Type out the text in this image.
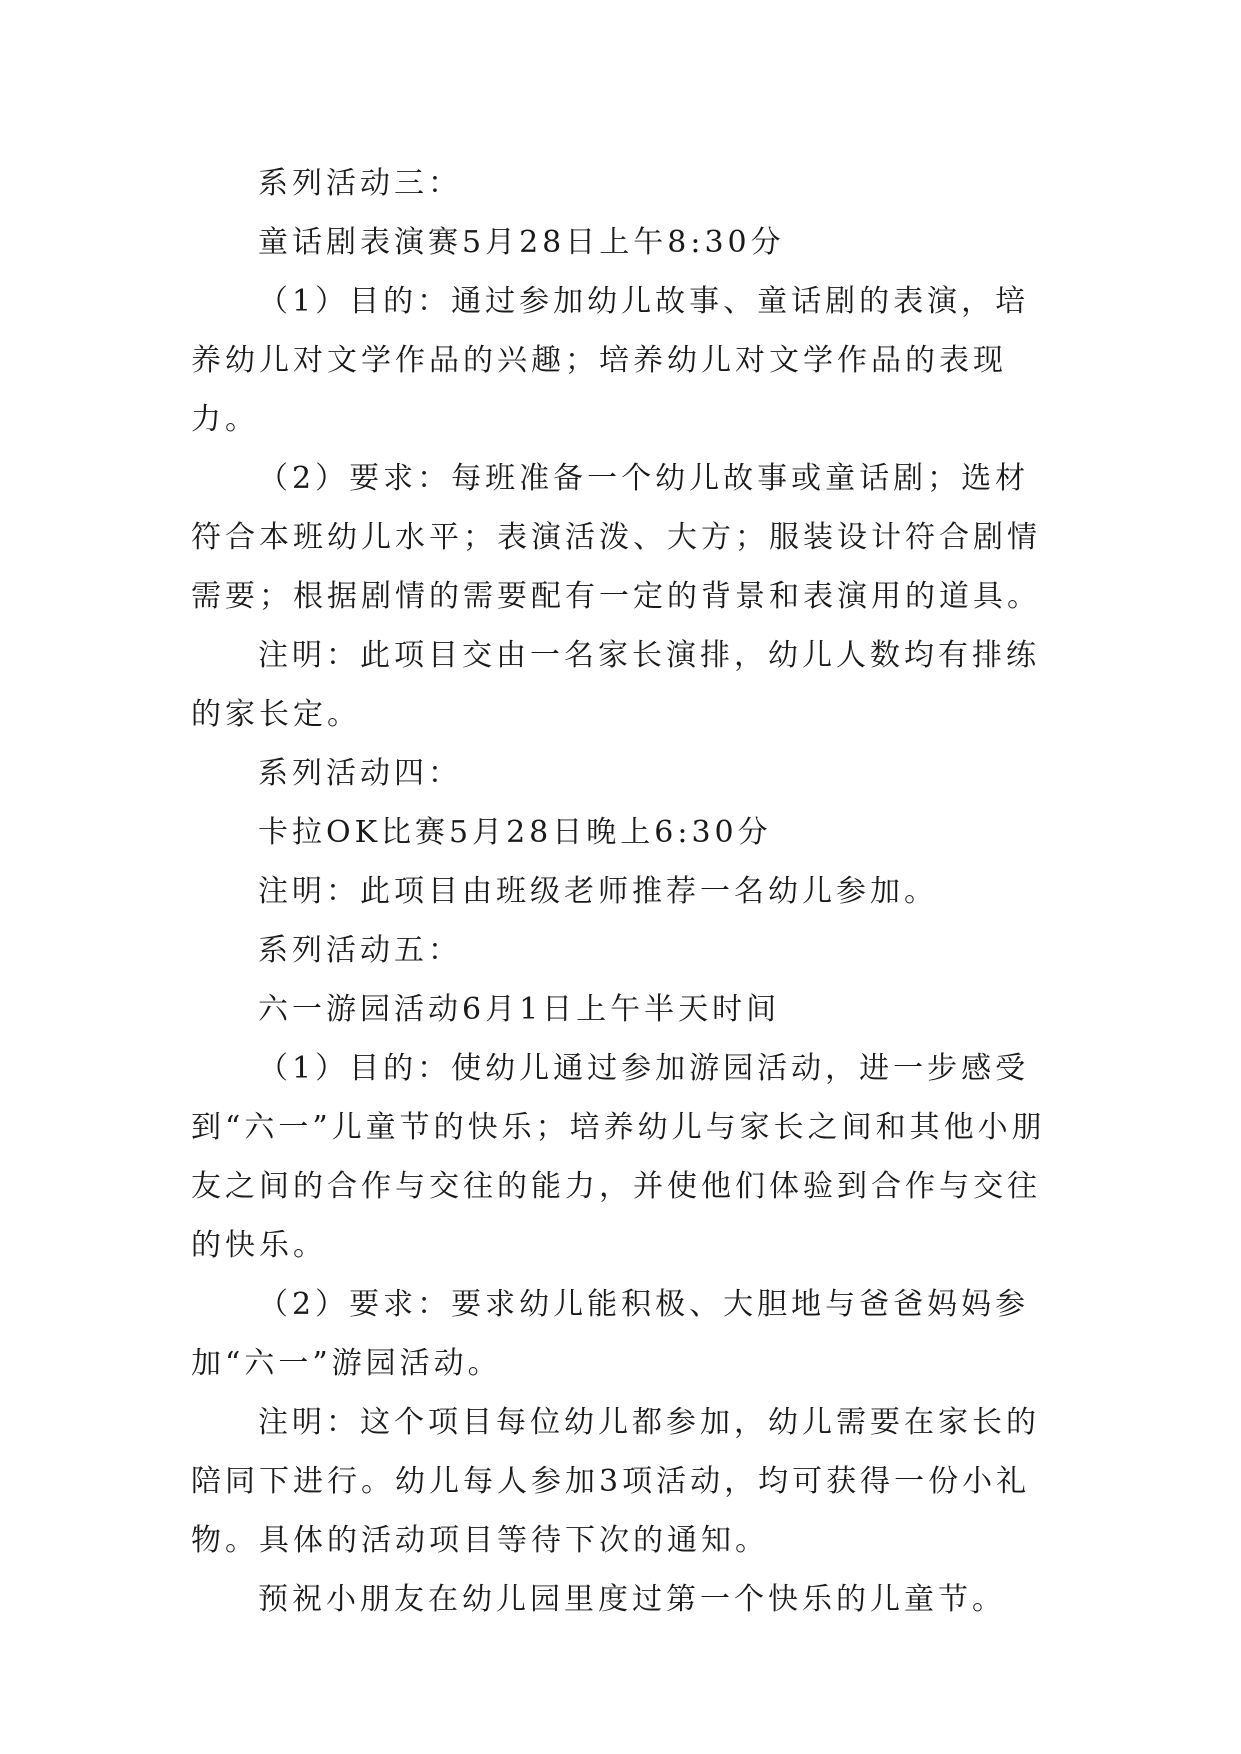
系列活动三：

童话剧表演赛5月28日上午8:30分

（1）目的：通过参加幼儿故事、童话剧的表演，培养幼儿对文学作品的兴趣；培养幼儿对文学作品的表现力。

（2）要求：每班准备一个幼儿故事或童话剧；选材符合本班幼儿水平；表演活泼、大方；服装设计符合剧情需要；根据剧情的需要配有一定的背景和表演用的道具。

注明：此项目交由一名家长演排，幼儿人数均有排练的家长定。

系列活动四：

卡拉OK比赛5月28日晚上6:30分

注明：此项目由班级老师推荐一名幼儿参加。

系列活动五：

六一游园活动6月1日上午半天时间

（1）目的：使幼儿通过参加游园活动，进一步感受到“六一”儿童节的快乐；培养幼儿与家长之间和其他小朋友之间的合作与交往的能力，并使他们体验到合作与交往的快乐。

（2）要求：要求幼儿能积极、大胆地与爸爸妈妈参加“六一”游园活动。

注明：这个项目每位幼儿都参加，幼儿需要在家长的陪同下进行。幼儿每人参加3项活动，均可获得一份小礼物。具体的活动项目等待下次的通知。

预祝小朋友在幼儿园里度过第一个快乐的儿童节。
